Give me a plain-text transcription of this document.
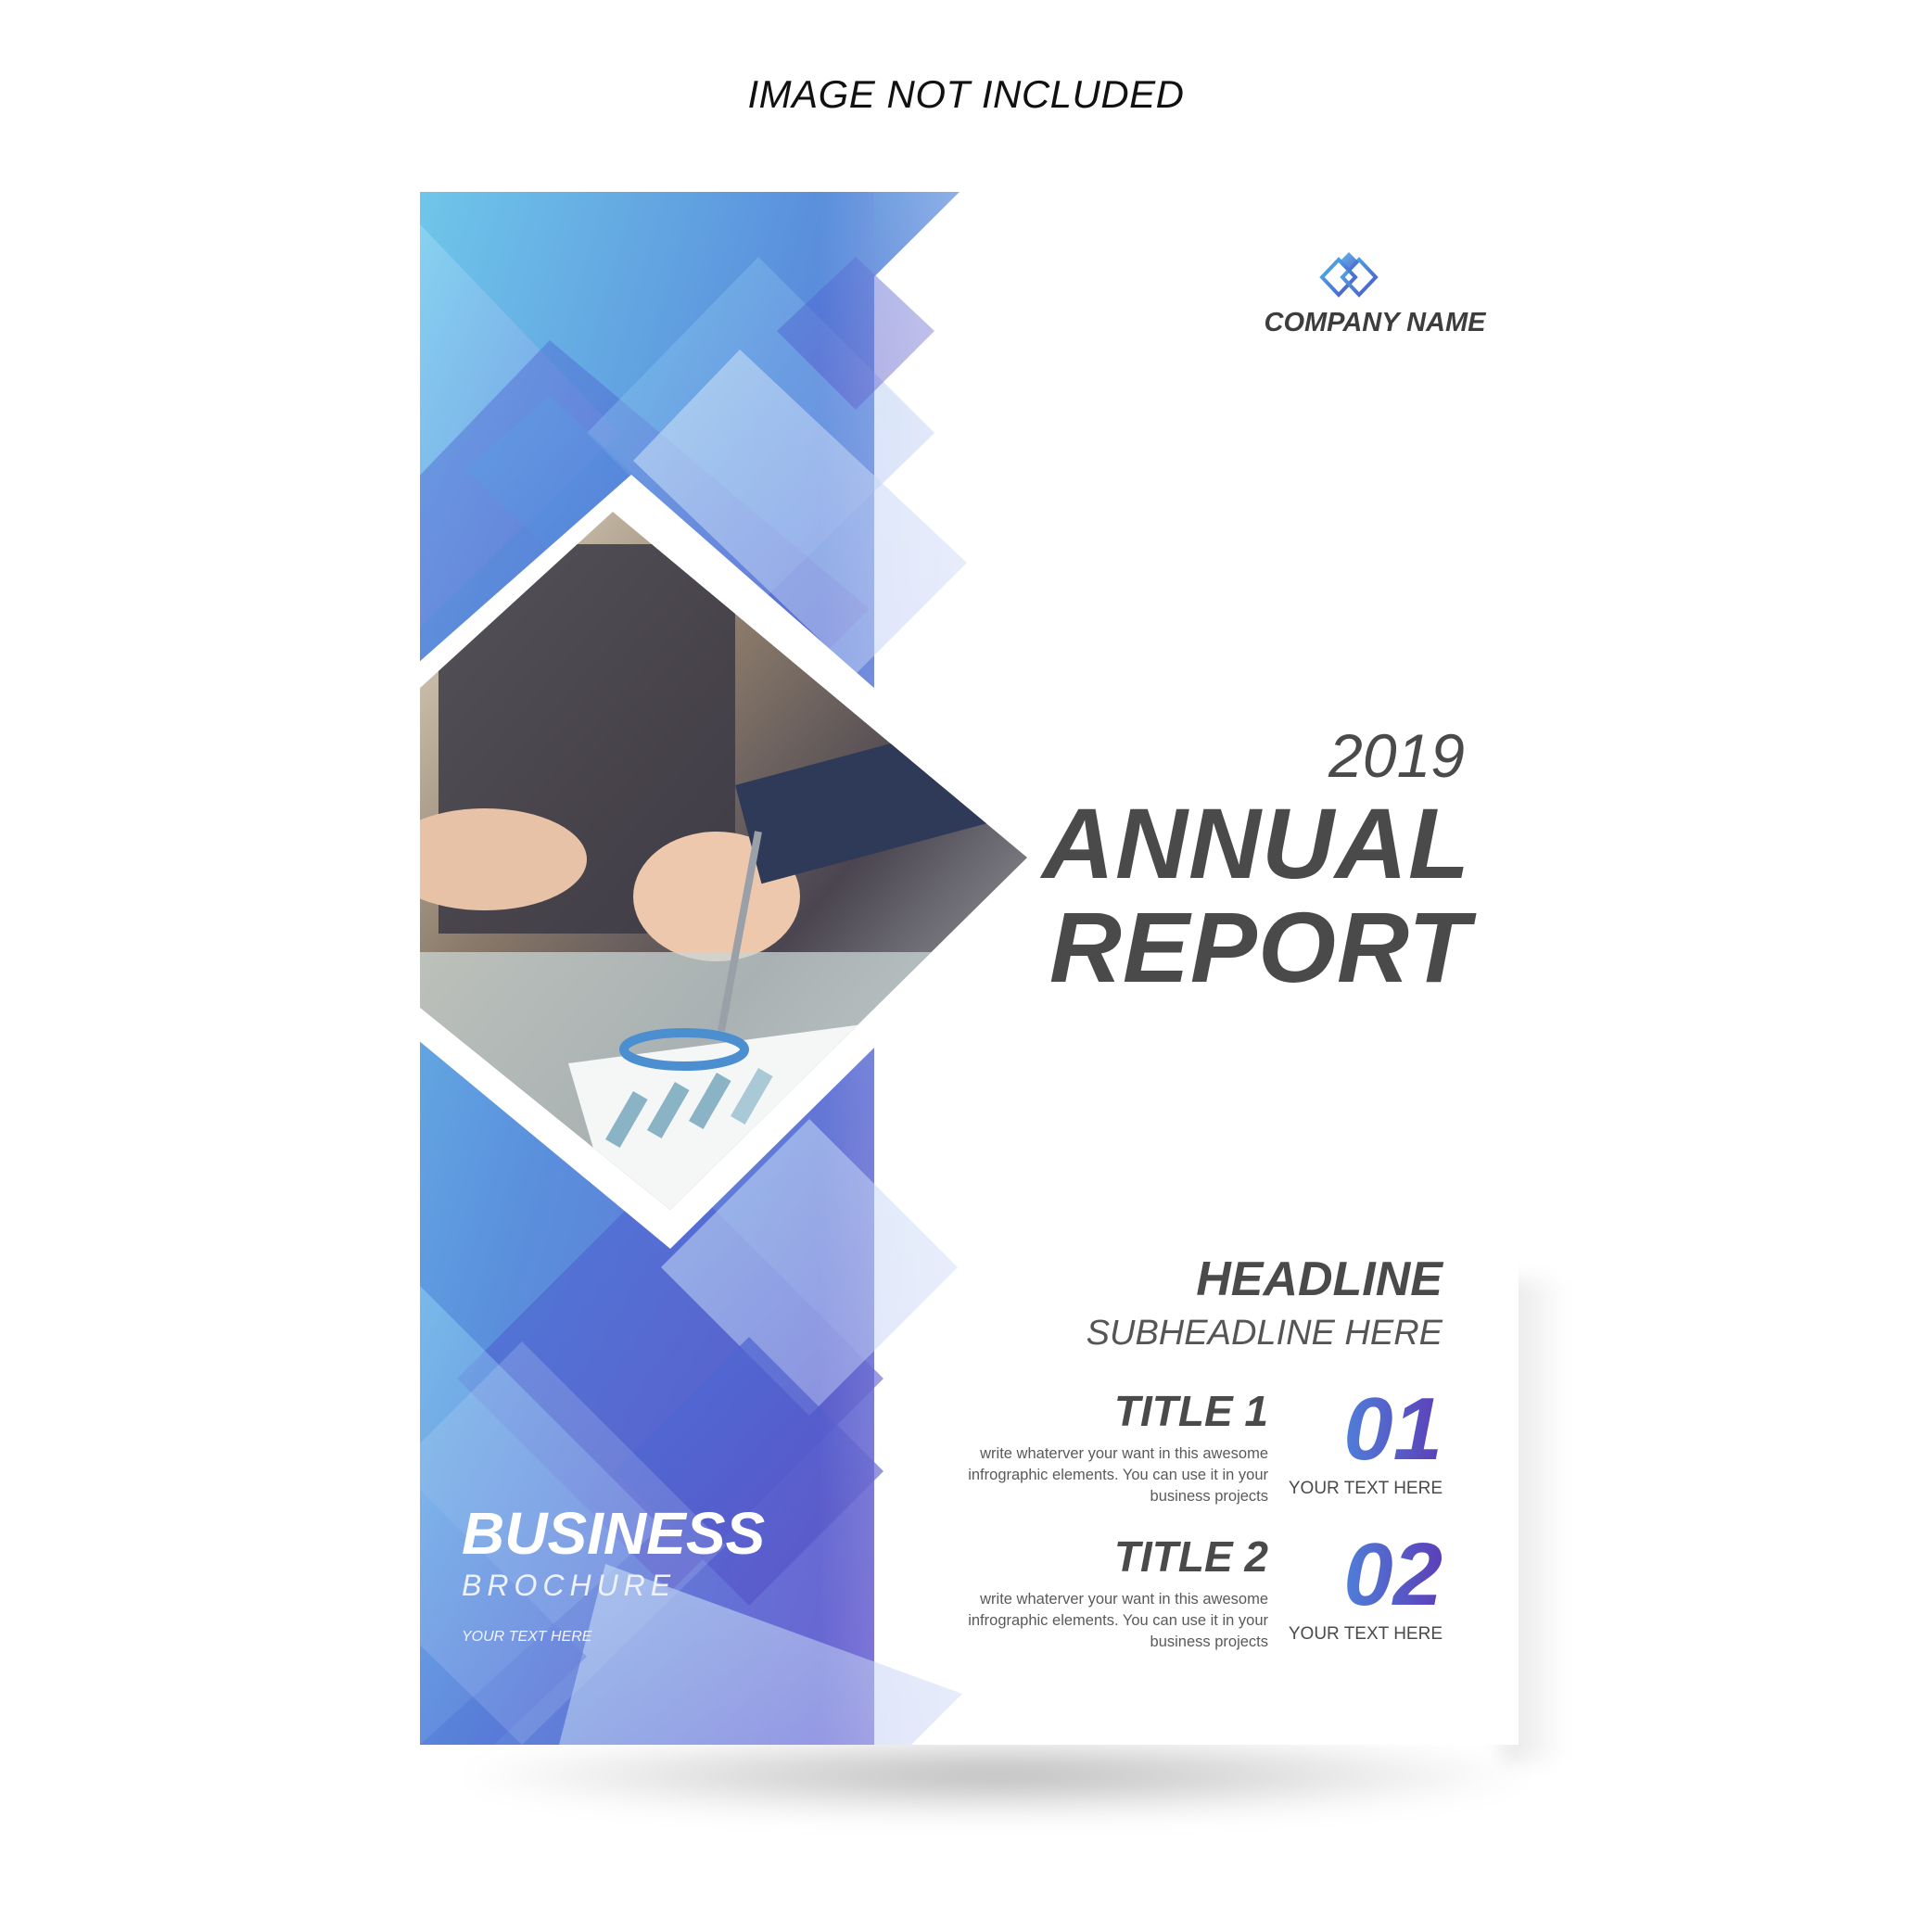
IMAGE NOT INCLUDED
COMPANY NAME
2019
ANNUAL
REPORT
HEADLINE
SUBHEADLINE HERE
TITLE 1
write whaterver your want in this awesome infrographic elements. You can use it in your business projects
01
YOUR TEXT HERE
TITLE 2
write whaterver your want in this awesome infrographic elements. You can use it in your business projects
02
YOUR TEXT HERE
BUSINESS
BROCHURE
YOUR TEXT HERE
